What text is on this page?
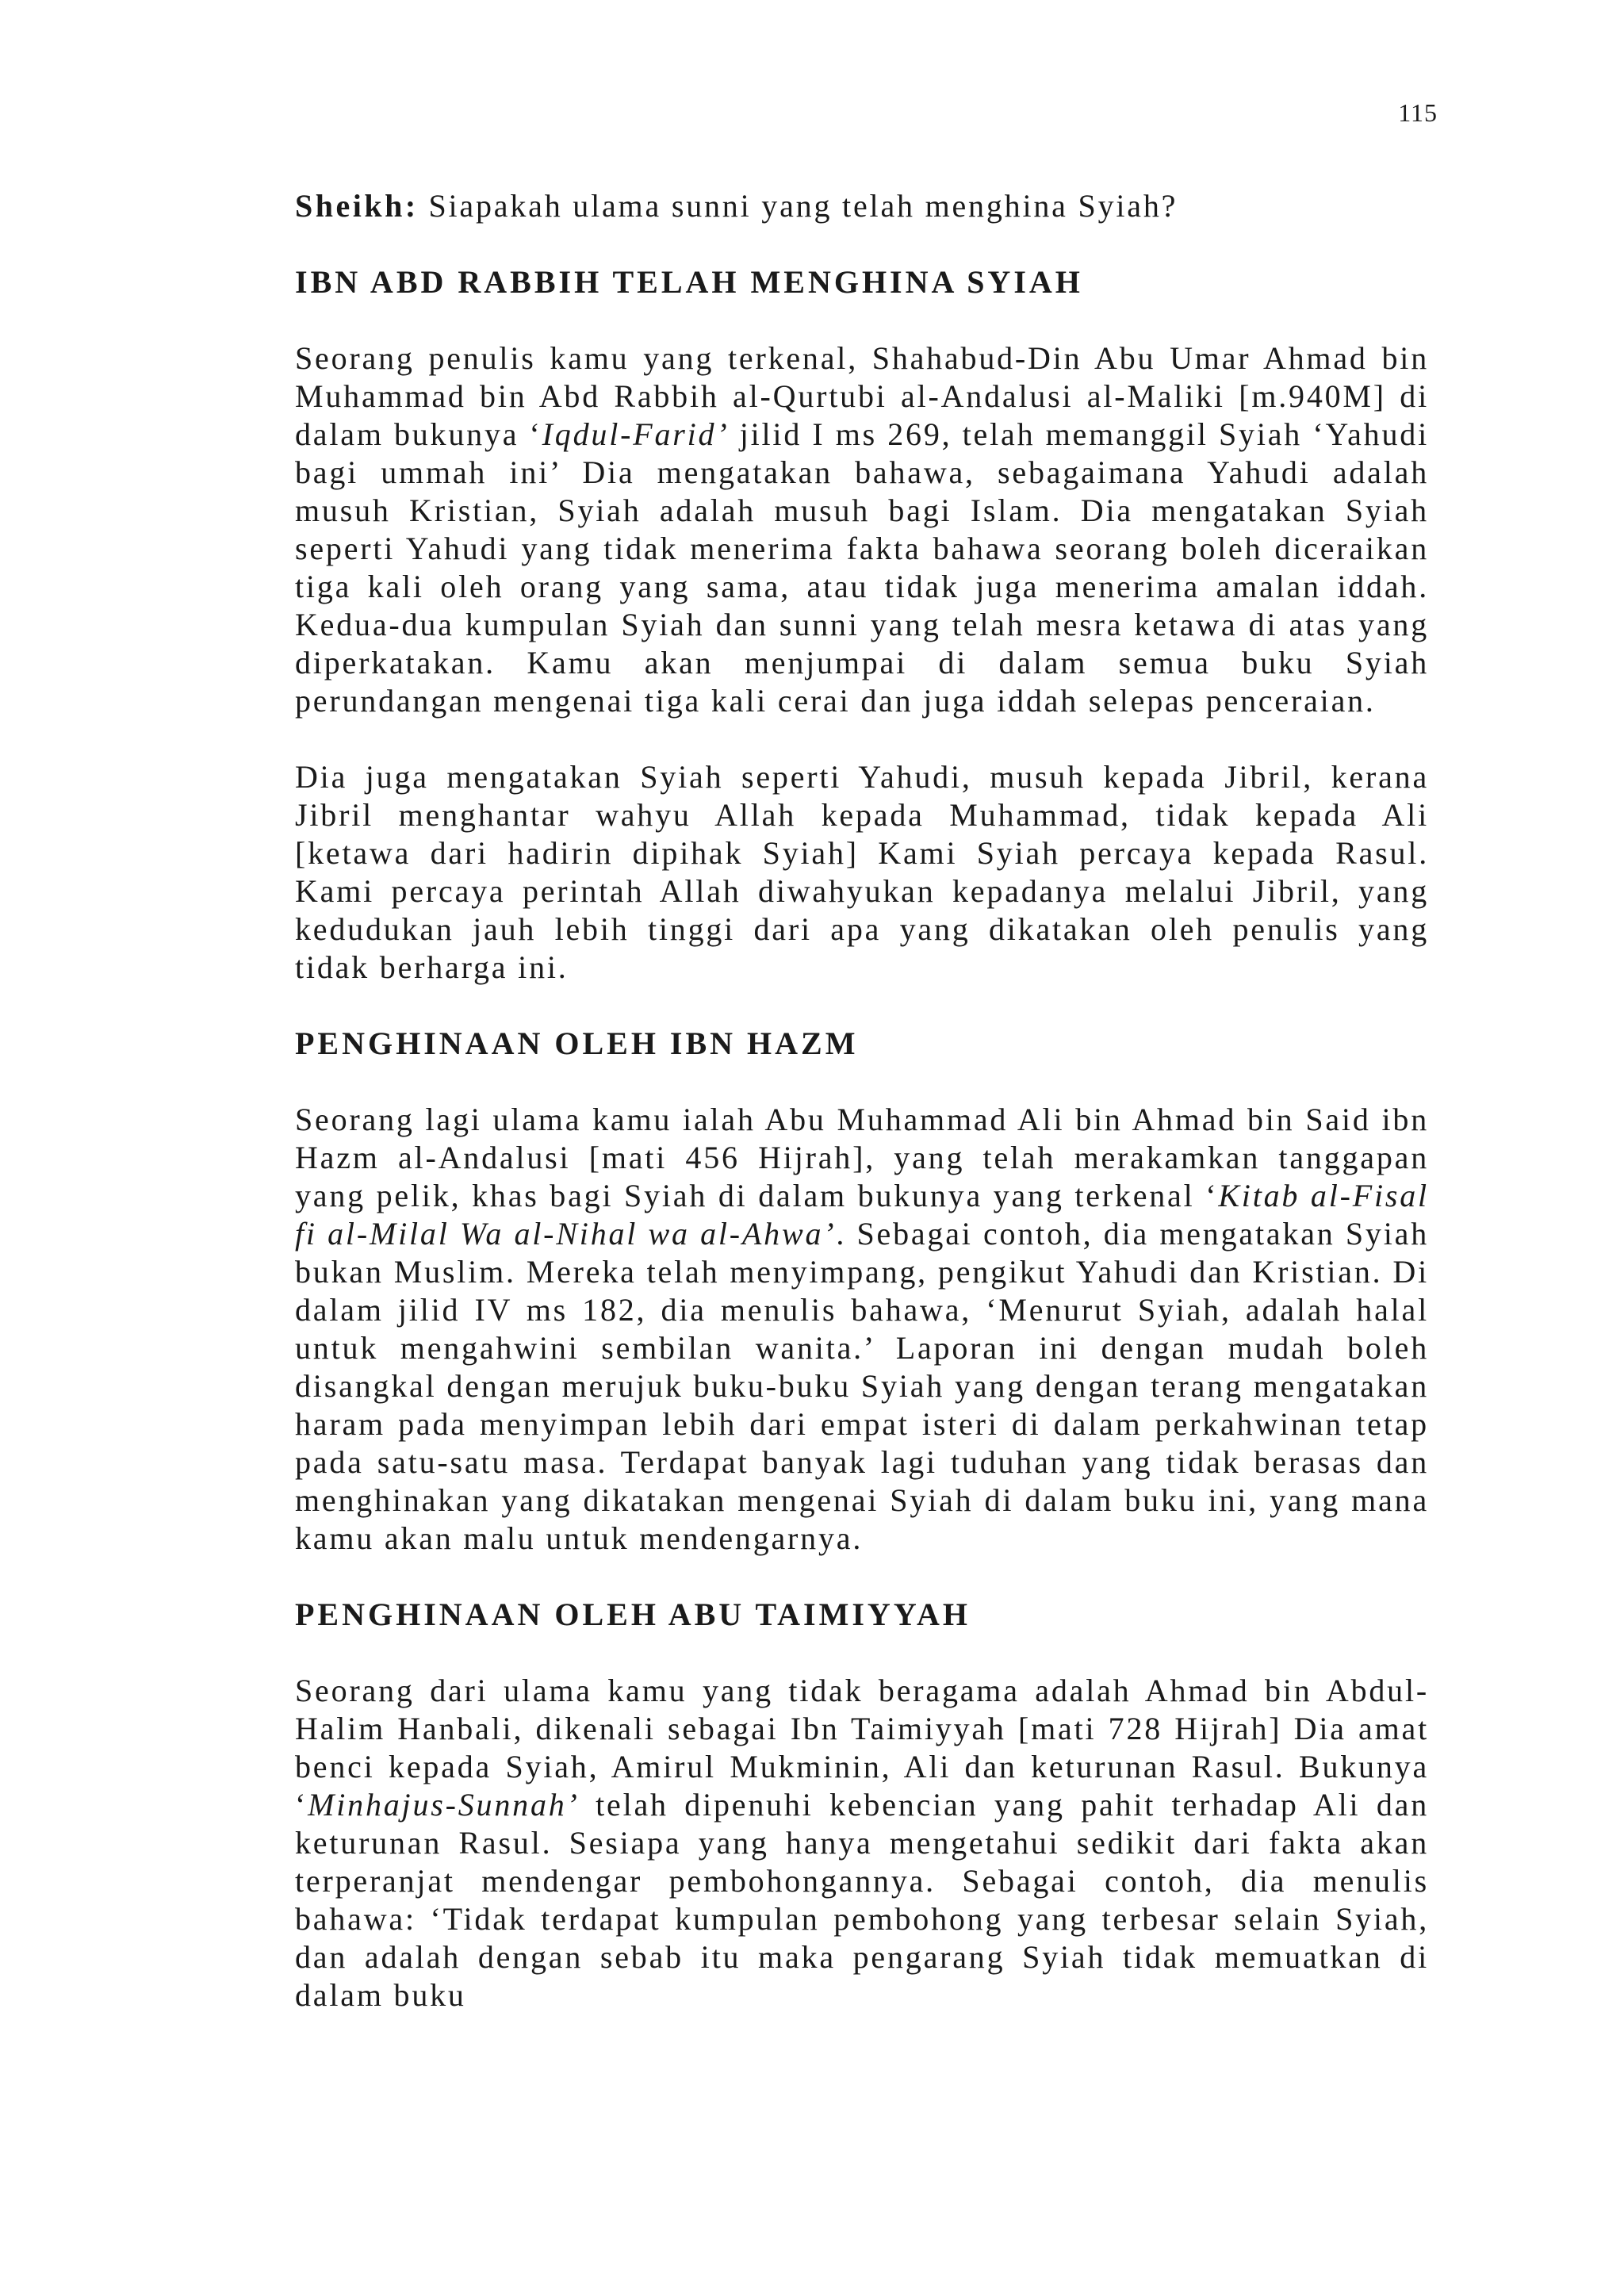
115

Sheikh: Siapakah ulama sunni yang telah menghina Syiah?

IBN ABD RABBIH TELAH MENGHINA SYIAH

Seorang penulis kamu yang terkenal, Shahabud-Din Abu Umar Ahmad bin Muhammad bin Abd Rabbih al-Qurtubi al-Andalusi al-Maliki [m.940M] di dalam bukunya ‘Iqdul-Farid’ jilid I ms 269, telah memanggil Syiah ‘Yahudi bagi ummah ini’ Dia mengatakan bahawa, sebagaimana Yahudi adalah musuh Kristian, Syiah adalah musuh bagi Islam. Dia mengatakan Syiah seperti Yahudi yang tidak menerima fakta bahawa seorang boleh diceraikan tiga kali oleh orang yang sama, atau tidak juga menerima amalan iddah. Kedua-dua kumpulan Syiah dan sunni yang telah mesra ketawa di atas yang diperkatakan. Kamu akan menjumpai di dalam semua buku Syiah perundangan mengenai tiga kali cerai dan juga iddah selepas penceraian.

Dia juga mengatakan Syiah seperti Yahudi, musuh kepada Jibril, kerana Jibril menghantar wahyu Allah kepada Muhammad, tidak kepada Ali [ketawa dari hadirin dipihak Syiah] Kami Syiah percaya kepada Rasul. Kami percaya perintah Allah diwahyukan kepadanya melalui Jibril, yang kedudukan jauh lebih tinggi dari apa yang dikatakan oleh penulis yang tidak berharga ini.

PENGHINAAN OLEH IBN HAZM

Seorang lagi ulama kamu ialah Abu Muhammad Ali bin Ahmad bin Said ibn Hazm al-Andalusi [mati 456 Hijrah], yang telah merakamkan tanggapan yang pelik, khas bagi Syiah di dalam bukunya yang terkenal ‘Kitab al-Fisal fi al-Milal Wa al-Nihal wa al-Ahwa’. Sebagai contoh, dia mengatakan Syiah bukan Muslim. Mereka telah menyimpang, pengikut Yahudi dan Kristian. Di dalam jilid IV ms 182, dia menulis bahawa, ‘Menurut Syiah, adalah halal untuk mengahwini sembilan wanita.’ Laporan ini dengan mudah boleh disangkal dengan merujuk buku-buku Syiah yang dengan terang mengatakan haram pada menyimpan lebih dari empat isteri di dalam perkahwinan tetap pada satu-satu masa. Terdapat banyak lagi tuduhan yang tidak berasas dan menghinakan yang dikatakan mengenai Syiah di dalam buku ini, yang mana kamu akan malu untuk mendengarnya.

PENGHINAAN OLEH ABU TAIMIYYAH

Seorang dari ulama kamu yang tidak beragama adalah Ahmad bin Abdul-Halim Hanbali, dikenali sebagai Ibn Taimiyyah [mati 728 Hijrah] Dia amat benci kepada Syiah, Amirul Mukminin, Ali dan keturunan Rasul. Bukunya ‘Minhajus-Sunnah’ telah dipenuhi kebencian yang pahit terhadap Ali dan keturunan Rasul. Sesiapa yang hanya mengetahui sedikit dari fakta akan terperanjat mendengar pembohongannya. Sebagai contoh, dia menulis bahawa: ‘Tidak terdapat kumpulan pembohong yang terbesar selain Syiah, dan adalah dengan sebab itu maka pengarang Syiah tidak memuatkan di dalam buku
